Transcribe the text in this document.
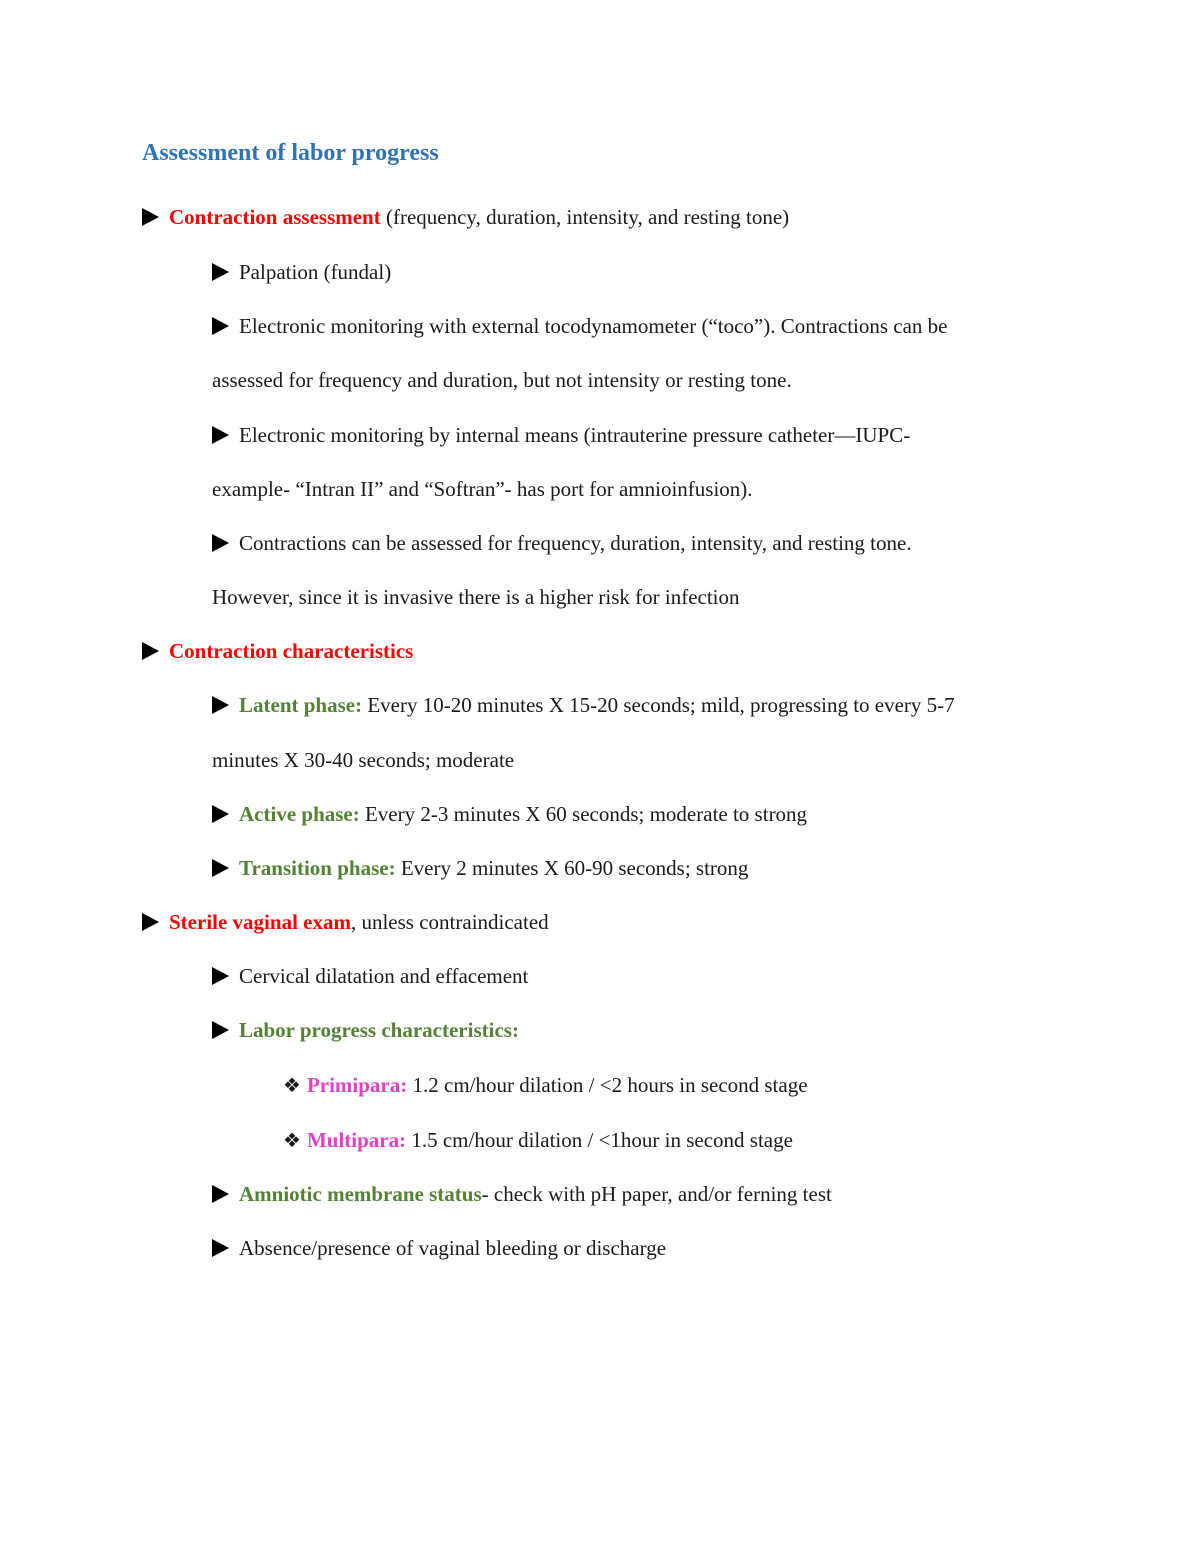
Assessment of labor progress
Contraction assessment (frequency, duration, intensity, and resting tone)
Palpation (fundal)
Electronic monitoring with external tocodynamometer (“toco”). Contractions can be
assessed for frequency and duration, but not intensity or resting tone.
Electronic monitoring by internal means (intrauterine pressure catheter—IUPC-
example- “Intran II” and “Softran”- has port for amnioinfusion).
Contractions can be assessed for frequency, duration, intensity, and resting tone.
However, since it is invasive there is a higher risk for infection
Contraction characteristics
Latent phase: Every 10-20 minutes X 15-20 seconds; mild, progressing to every 5-7
minutes X 30-40 seconds; moderate
Active phase: Every 2-3 minutes X 60 seconds; moderate to strong
Transition phase: Every 2 minutes X 60-90 seconds; strong
Sterile vaginal exam, unless contraindicated
Cervical dilatation and effacement
Labor progress characteristics:
❖ Primipara: 1.2 cm/hour dilation / <2 hours in second stage
❖ Multipara: 1.5 cm/hour dilation / <1hour in second stage
Amniotic membrane status- check with pH paper, and/or ferning test
Absence/presence of vaginal bleeding or discharge
